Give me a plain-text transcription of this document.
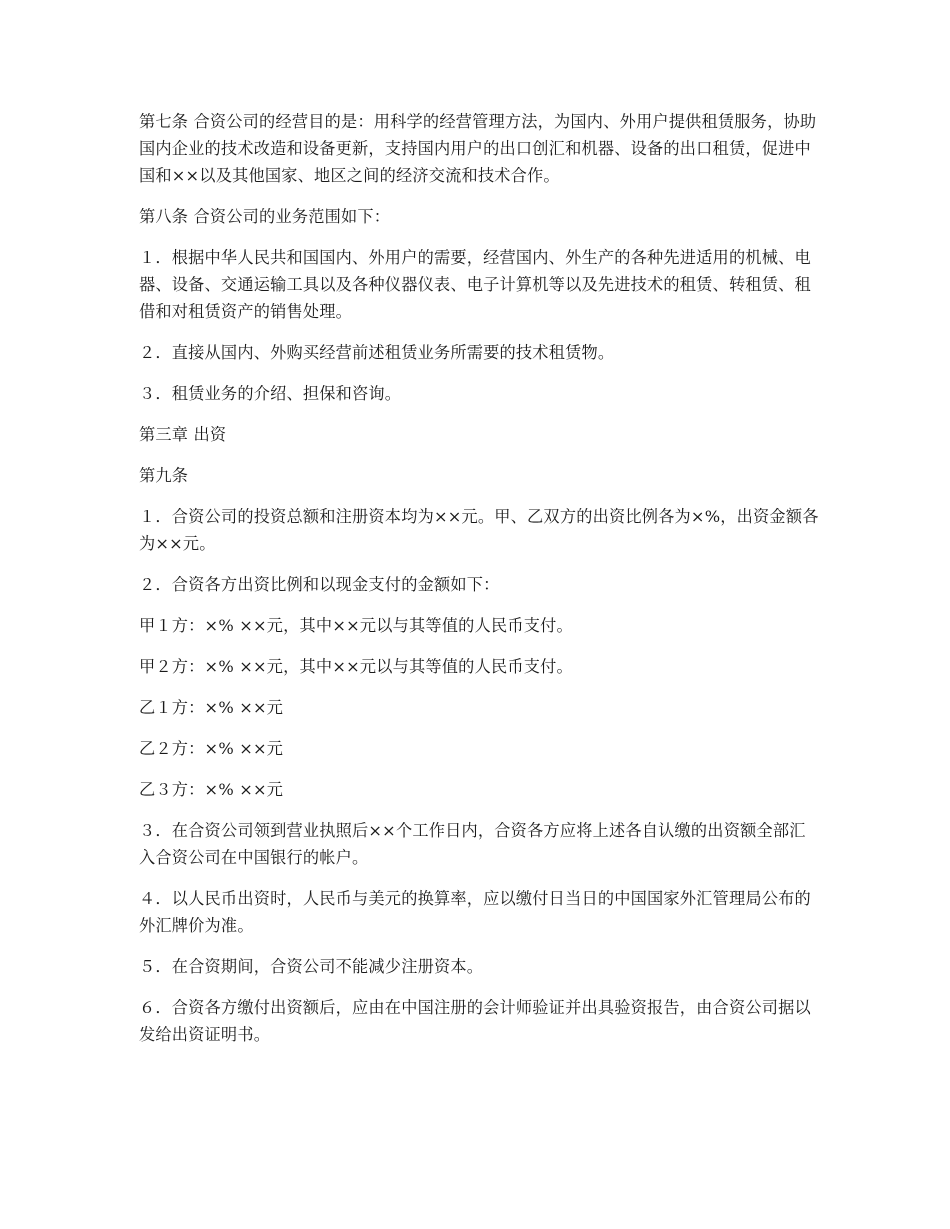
第七条 合资公司的经营目的是：用科学的经营管理方法，为国内、外用户提供租赁服务，协助国内企业的技术改造和设备更新，支持国内用户的出口创汇和机器、设备的出口租赁，促进中国和××以及其他国家、地区之间的经济交流和技术合作。

第八条 合资公司的业务范围如下：

１．根据中华人民共和国国内、外用户的需要，经营国内、外生产的各种先进适用的机械、电器、设备、交通运输工具以及各种仪器仪表、电子计算机等以及先进技术的租赁、转租赁、租借和对租赁资产的销售处理。

２．直接从国内、外购买经营前述租赁业务所需要的技术租赁物。

３．租赁业务的介绍、担保和咨询。

第三章 出资

第九条

１．合资公司的投资总额和注册资本均为××元。甲、乙双方的出资比例各为×%，出资金额各为××元。

２．合资各方出资比例和以现金支付的金额如下：

甲１方：×% ××元，其中××元以与其等值的人民币支付。

甲２方：×% ××元，其中××元以与其等值的人民币支付。

乙１方：×% ××元

乙２方：×% ××元

乙３方：×% ××元

３．在合资公司领到营业执照后××个工作日内，合资各方应将上述各自认缴的出资额全部汇入合资公司在中国银行的帐户。

４．以人民币出资时，人民币与美元的换算率，应以缴付日当日的中国国家外汇管理局公布的外汇牌价为准。

５．在合资期间，合资公司不能减少注册资本。

６．合资各方缴付出资额后，应由在中国注册的会计师验证并出具验资报告，由合资公司据以发给出资证明书。
